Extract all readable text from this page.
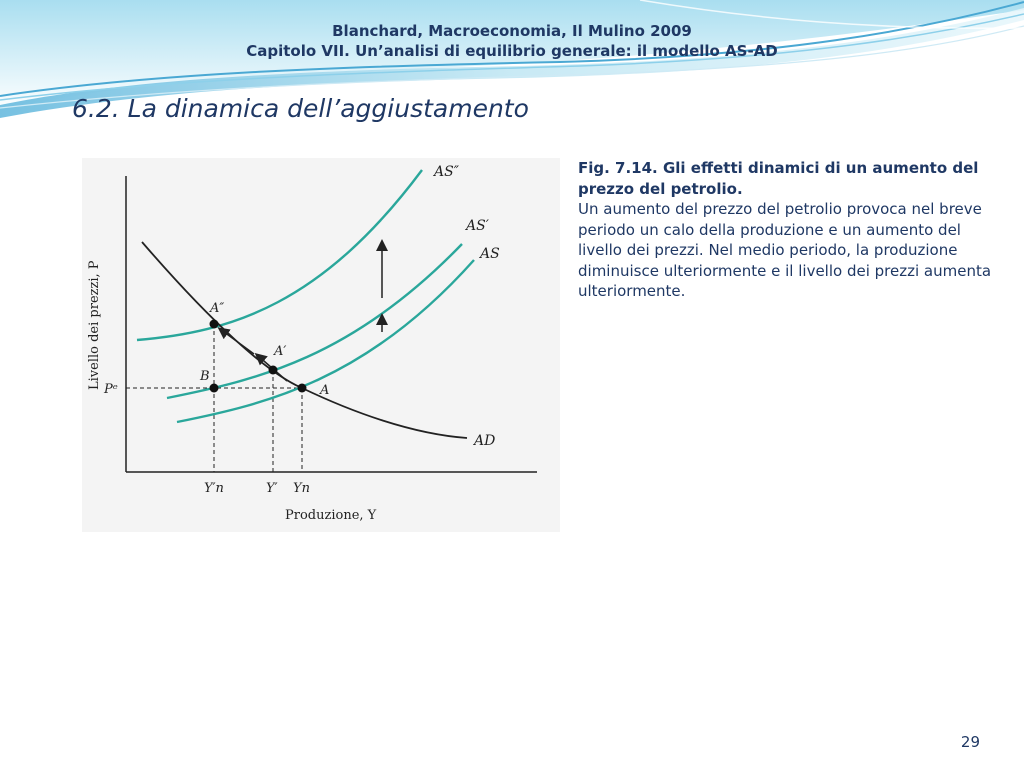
Blanchard, Macroeconomia, Il Mulino 2009
Capitolo VII. Un’analisi di equilibrio generale: il modello AS-AD
6.2. La dinamica dell’aggiustamento
AS″
AS′
AS
AD
A″
A′
A
B
Pᵉ
Y′n	Y′ Yn
Produzione, Y
Livello dei prezzi, P
Fig. 7.14. Gli effetti dinamici di un aumento del prezzo del petrolio.
Un aumento del prezzo del petrolio provoca nel breve periodo un calo della produzione e un aumento del livello dei prezzi. Nel medio periodo, la produzione diminuisce ulteriormente e il livello dei prezzi aumenta ulteriormente.
29
